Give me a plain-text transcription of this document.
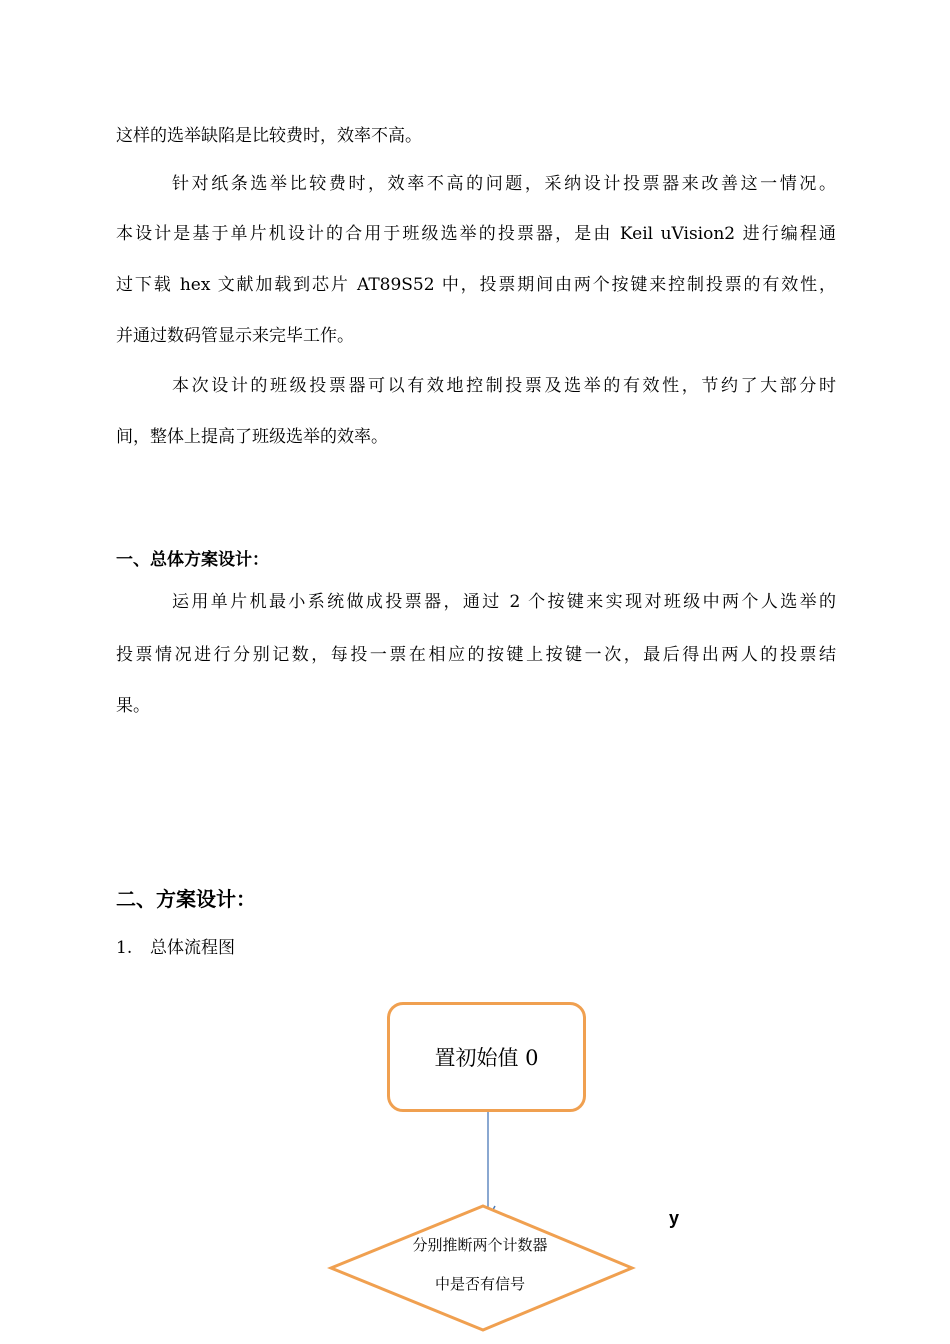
这样的选举缺陷是比较费时，效率不高。
针对纸条选举比较费时，效率不高的问题，采纳设计投票器来改善这一情况。
本设计是基于单片机设计的合用于班级选举的投票器，是由 Keil uVision2 进行编程通
过下载 hex 文献加载到芯片 AT89S52 中，投票期间由两个按键来控制投票的有效性，
并通过数码管显示来完毕工作。
本次设计的班级投票器可以有效地控制投票及选举的有效性，节约了大部分时
间，整体上提高了班级选举的效率。
一、总体方案设计：
运用单片机最小系统做成投票器，通过 2 个按键来实现对班级中两个人选举的
投票情况进行分别记数，每投一票在相应的按键上按键一次，最后得出两人的投票结
果。
二、方案设计：
1. 总体流程图
置初始值 0
分别推断两个计数器中是否有信号
y
